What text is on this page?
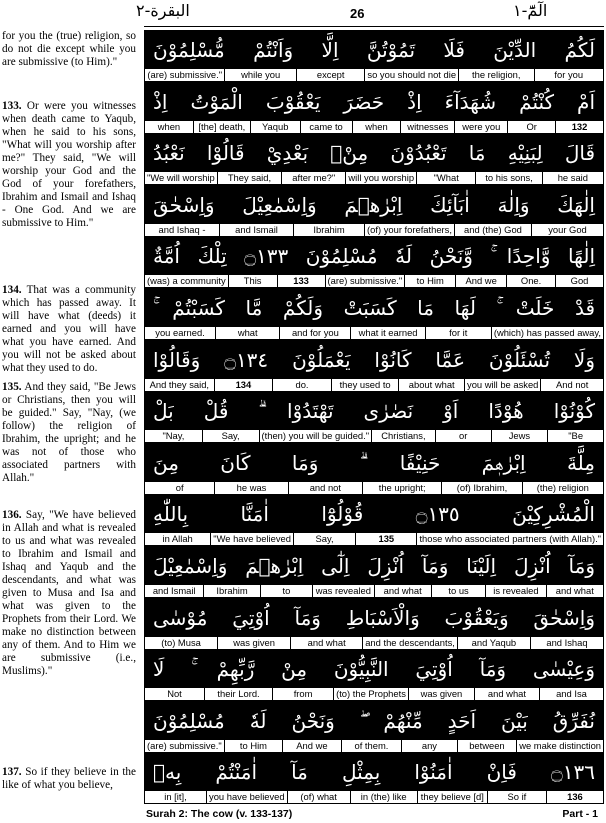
الٓمّٓ-١
26
البقرة-٢
for you the (true) religion, so do not die except while you are submissive (to Him)."
133. Or were you witnesses when death came to Yaqub, when he said to his sons, "What will you worship after me?" They said, "We will worship your God and the God of your forefathers, Ibrahim and Ismail and Ishaq - One God. And we are submissive to Him."
134. That was a community which has passed away. It will have what (deeds) it earned and you will have what you have earned. And you will not be asked about what they used to do.
135. And they said, "Be Jews or Christians, then you will be guided." Say, "Nay, (we follow) the religion of Ibrahim, the upright; and he was not of those who associated partners with Allah."
136. Say, "We have believed in Allah and what is revealed to us and what was revealed to Ibrahim and Ismail and Ishaq and Yaqub and the descendants, and what was given to Musa and Isa and what was given to the Prophets from their Lord. We make no distinction between any of them. And to Him we are submissive (i.e., Muslims)."
137. So if they believe in the like of what you believe,
لَكُمُ الدِّيْنَ فَلَا تَمُوْتُنَّ اِلَّا وَاَنْتُمْ مُّسْلِمُوْنَ
for you
the religion,
so you should not die
except
while you
(are) submissive."
اَمْ كُنْتُمْ شُهَدَآءَ اِذْ حَضَرَ يَعْقُوْبَ الْمَوْتُ اِذْ
132
Or
were you
witnesses
when
came to
Yaqub
[the] death,
when
قَالَ لِبَنِيْهِ مَا تَعْبُدُوْنَ مِنْۢ بَعْدِيْ قَالُوْا نَعْبُدُ
he said
to his sons,
"What
will you worship
after me?"
They said,
"We will worship
اِلٰهَكَ وَاِلٰهَ اٰبَآئِكَ اِبْرٰهٖمَ وَاِسْمٰعِيْلَ وَاِسْحٰقَ
your God
and (the) God
(of) your forefathers,
Ibrahim
and Ismail
and Ishaq -
اِلٰهًا وَّاحِدًا ۚ وَّنَحْنُ لَهٗ مُسْلِمُوْنَ ۝١٣٣ تِلْكَ اُمَّةٌ
God
One.
And we
to Him
(are) submissive."
133
This
(was) a community
قَدْ خَلَتْ ۚ لَهَا مَا كَسَبَتْ وَلَكُمْ مَّا كَسَبْتُمْ ۚ
(which) has passed away,
for it
what it earned
and for you
what
you earned.
وَلَا تُسْئَلُوْنَ عَمَّا كَانُوْا يَعْمَلُوْنَ ۝١٣٤ وَقَالُوْا
And not
you will be asked
about what
they used to
do.
134
And they said,
كُوْنُوْا هُوْدًا اَوْ نَصٰرٰى تَهْتَدُوْا ۗ قُلْ بَلْ
"Be
Jews
or
Christians,
(then) you will be guided."
Say,
"Nay,
مِلَّةَ اِبْرٰهٖمَ حَنِيْفًا ۗ وَمَا كَانَ مِنَ
(the) religion
(of) Ibrahim,
the upright;
and not
he was
of
الْمُشْرِكِيْنَ ۝١٣٥ قُوْلُوْٓا اٰمَنَّا بِاللّٰهِ
those who associated partners (with Allah)."
135
Say,
"We have believed
in Allah
وَمَآ اُنْزِلَ اِلَيْنَا وَمَآ اُنْزِلَ اِلٰٓى اِبْرٰهٖمَ وَاِسْمٰعِيْلَ
and what
is revealed
to us
and what
was revealed
to
Ibrahim
and Ismail
وَاِسْحٰقَ وَيَعْقُوْبَ وَالْاَسْبَاطِ وَمَآ اُوْتِيَ مُوْسٰى
and Ishaq
and Yaqub
and the descendants,
and what
was given
(to) Musa
وَعِيْسٰى وَمَآ اُوْتِيَ النَّبِيُّوْنَ مِنْ رَّبِّهِمْ ۚ لَا
and Isa
and what
was given
(to) the Prophets
from
their Lord.
Not
نُفَرِّقُ بَيْنَ اَحَدٍ مِّنْهُمْ ۖ وَنَحْنُ لَهٗ مُسْلِمُوْنَ
we make distinction
between
any
of them.
And we
to Him
(are) submissive."
۝١٣٦ فَاِنْ اٰمَنُوْا بِمِثْلِ مَآ اٰمَنْتُمْ بِهٖ
136
So if
they believe [d]
in (the) like
(of) what
you have believed
in [it],
Surah 2: The cow (v. 133-137)	Part - 1
